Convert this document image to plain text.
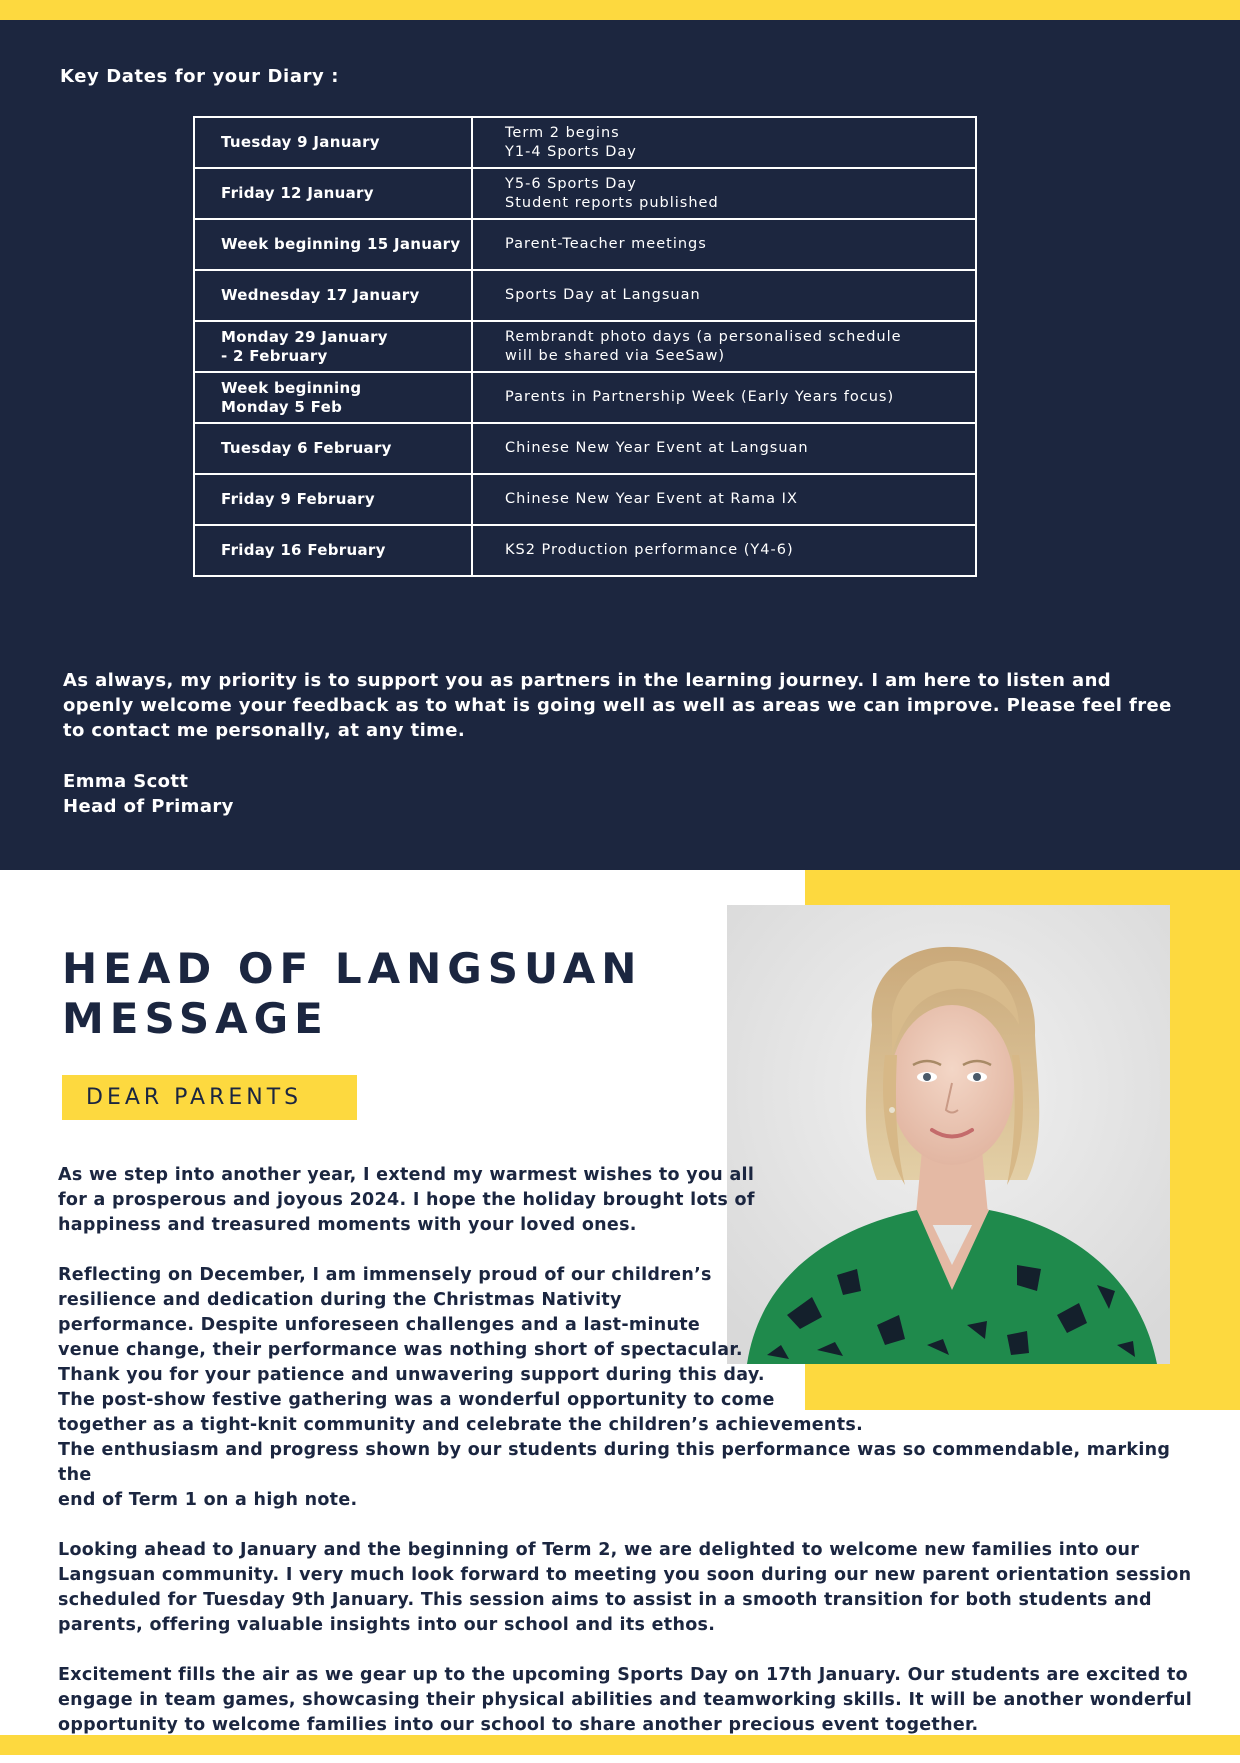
Key Dates for your Diary :
Tuesday 9 January	Term 2 begins
Y1-4 Sports Day
Friday 12 January	Y5-6 Sports Day
Student reports published
Week beginning 15 January	Parent-Teacher meetings
Wednesday 17 January	Sports Day at Langsuan
Monday 29 January
- 2 February	Rembrandt photo days (a personalised schedule
will be shared via SeeSaw)
Week beginning
Monday 5 Feb	Parents in Partnership Week (Early Years focus)
Tuesday 6 February	Chinese New Year Event at Langsuan
Friday 9 February	Chinese New Year Event at Rama IX
Friday 16 February	KS2 Production performance (Y4-6)
As always, my priority is to support you as partners in the learning journey. I am here to listen and openly welcome your feedback as to what is going well as well as areas we can improve. Please feel free to contact me personally, at any time.
Emma Scott
Head of Primary
HEAD OF LANGSUAN
MESSAGE
DEAR PARENTS

As we step into another year, I extend my warmest wishes to you all
for a prosperous and joyous 2024. I hope the holiday brought lots of
happiness and treasured moments with your loved ones.

Reflecting on December, I am immensely proud of our children’s
resilience and dedication during the Christmas Nativity
performance. Despite unforeseen challenges and a last-minute
venue change, their performance was nothing short of spectacular.
Thank you for your patience and unwavering support during this day.
The post-show festive gathering was a wonderful opportunity to come
together as a tight-knit community and celebrate the children’s achievements.
The enthusiasm and progress shown by our students during this performance was so commendable, marking the
end of Term 1 on a high note.

Looking ahead to January and the beginning of Term 2, we are delighted to welcome new families into our
Langsuan community. I very much look forward to meeting you soon during our new parent orientation session
scheduled for Tuesday 9th January. This session aims to assist in a smooth transition for both students and
parents, offering valuable insights into our school and its ethos.

Excitement fills the air as we gear up to the upcoming Sports Day on 17th January. Our students are excited to
engage in team games, showcasing their physical abilities and teamworking skills. It will be another wonderful
opportunity to welcome families into our school to share another precious event together.
